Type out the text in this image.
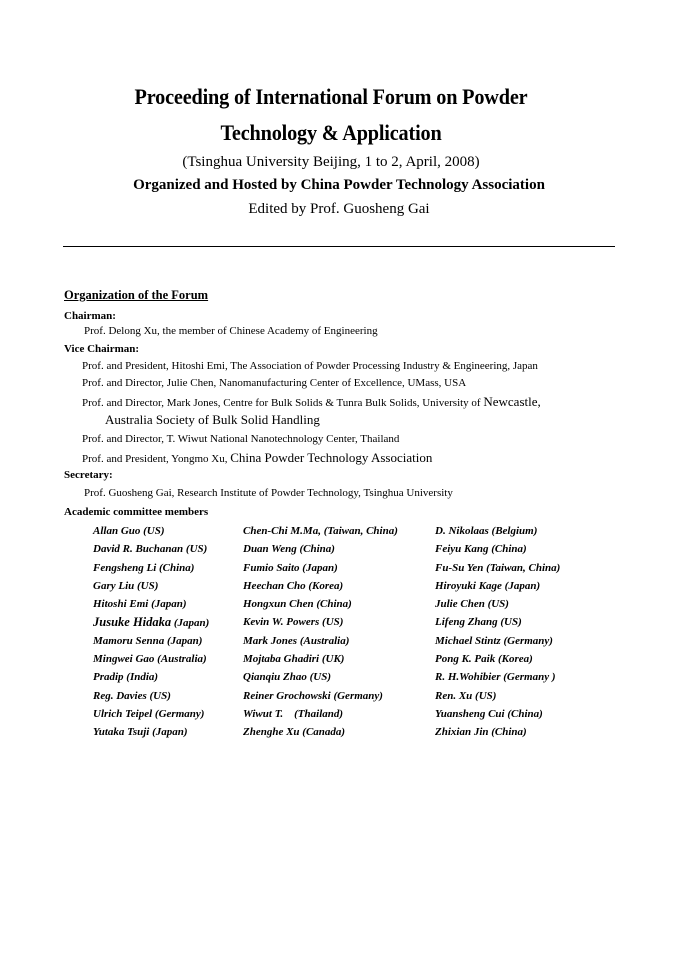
Proceeding of International Forum on Powder
Technology & Application
(Tsinghua University Beijing, 1 to 2, April, 2008)
Organized and Hosted by China Powder Technology Association
Edited by Prof. Guosheng Gai
Organization of the Forum
Chairman:
Prof. Delong Xu, the member of Chinese Academy of Engineering
Vice Chairman:
Prof. and President, Hitoshi Emi, The Association of Powder Processing Industry & Engineering, Japan
Prof. and Director, Julie Chen, Nanomanufacturing Center of Excellence, UMass, USA
Prof. and Director, Mark Jones, Centre for Bulk Solids & Tunra Bulk Solids, University of Newcastle,
Australia Society of Bulk Solid Handling
Prof. and Director, T. Wiwut National Nanotechnology Center, Thailand
Prof. and President, Yongmo Xu, China Powder Technology Association
Secretary:
Prof. Guosheng Gai, Research Institute of Powder Technology, Tsinghua University
Academic committee members
Allan Guo (US)
David R. Buchanan (US)
Fengsheng Li (China)
Gary Liu (US)
Hitoshi Emi (Japan)
Jusuke Hidaka (Japan)
Mamoru Senna (Japan)
Mingwei Gao (Australia)
Pradip (India)
Reg. Davies (US)
Ulrich Teipel (Germany)
Yutaka Tsuji (Japan)
Chen-Chi M.Ma, (Taiwan, China)
Duan Weng (China)
Fumio Saito (Japan)
Heechan Cho (Korea)
Hongxun Chen (China)
Kevin W. Powers (US)
Mark Jones (Australia)
Mojtaba Ghadiri (UK)
Qianqiu Zhao (US)
Reiner Grochowski (Germany)
Wiwut T.    (Thailand)
Zhenghe Xu (Canada)
D. Nikolaas (Belgium)
Feiyu Kang (China)
Fu-Su Yen (Taiwan, China)
Hiroyuki Kage (Japan)
Julie Chen (US)
Lifeng Zhang (US)
Michael Stintz (Germany)
Pong K. Paik (Korea)
R. H.Wohibier (Germany )
Ren. Xu (US)
Yuansheng Cui (China)
Zhixian Jin (China)
